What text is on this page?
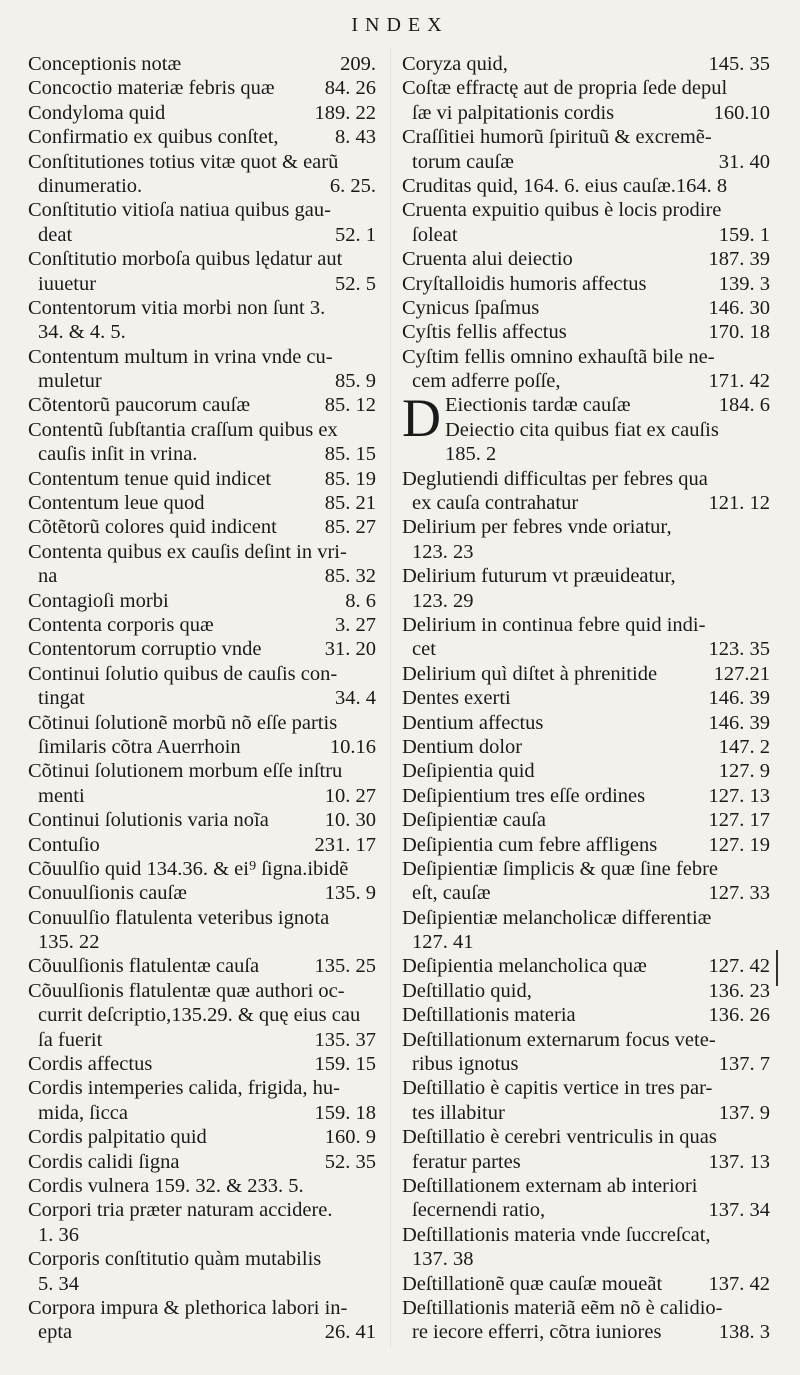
INDEX
Conceptionis notæ	209.
Concoctio materiæ febris quæ 84. 26
Condyloma quid	189. 22
Confirmatio ex quibus conſtet,	8. 43
Conſtitutiones totius vitæ quot & earũ
dinumeratio.	6. 25.
Conſtitutio vitioſa natiua quibus gau-
deat	52. 1
Conſtitutio morboſa quibus lędatur aut
iuuetur	52. 5
Contentorum vitia morbi non ſunt 3.
34. & 4. 5.
Contentum multum in vrina vnde cu-
muletur	85. 9
Cõtentorũ paucorum cauſæ	85. 12
Contentũ ſubſtantia craſſum quibus ex
cauſis inſit in vrina.	85. 15
Contentum tenue quid indicet	85. 19
Contentum leue quod	85. 21
Cõtẽtorũ colores quid indicent 85. 27
Contenta quibus ex cauſis deſint in vri-
na	85. 32
Contagioſi morbi	8. 6
Contenta corporis quæ	3. 27
Contentorum corruptio vnde	31. 20
Continui ſolutio quibus de cauſis con-
tingat	34. 4
Cõtinui ſolutionẽ morbũ nõ eſſe partis
ſimilaris cõtra Auerrhoin	10.16
Cõtinui ſolutionem morbum eſſe inſtru
menti	10. 27
Continui ſolutionis varia noĩa	10. 30
Contuſio	231. 17
Cõuulſio quid 134.36. & ei⁹ ſigna.ibidẽ
Conuulſionis cauſæ	135. 9
Conuulſio flatulenta veteribus ignota
135. 22
Cõuulſionis flatulentæ cauſa	135. 25
Cõuulſionis flatulentæ quæ authori oc-
currit deſcriptio,135.29. & quę eius cau
ſa fuerit	135. 37
Cordis affectus	159. 15
Cordis intemperies calida, frigida, hu-
mida, ſicca	159. 18
Cordis palpitatio quid	160. 9
Cordis calidi ſigna	52. 35
Cordis vulnera 159. 32. & 233. 5.
Corpori tria præter naturam accidere.
1. 36
Corporis conſtitutio quàm mutabilis
5. 34
Corpora impura & plethorica labori in-
epta	26. 41
Coryza quid,	145. 35
Coſtæ effractę aut de propria ſede depul
ſæ vi palpitationis cordis	160.10
Craſſitiei humorũ ſpirituũ & excremẽ-
torum cauſæ	31. 40
Cruditas quid, 164. 6. eius cauſæ.164. 8
Cruenta expuitio quibus è locis prodire
ſoleat	159. 1
Cruenta alui deiectio	187. 39
Cryſtalloidis humoris affectus	139. 3
Cynicus ſpaſmus	146. 30
Cyſtis fellis affectus	170. 18
Cyſtim fellis omnino exhauſtã bile ne-
cem adferre poſſe,	171. 42
D Eiectionis tardæ cauſæ	184. 6
Deiectio cita quibus fiat ex cauſis
185. 2
Deglutiendi difficultas per febres qua
ex cauſa contrahatur	121. 12
Delirium per febres vnde oriatur,
123. 23
Delirium futurum vt præuideatur,
123. 29
Delirium in continua febre quid indi-
cet	123. 35
Delirium quì diſtet à phrenitide	127.21
Dentes exerti	146. 39
Dentium affectus	146. 39
Dentium dolor	147. 2
Deſipientia quid	127. 9
Deſipientium tres eſſe ordines	127. 13
Deſipientiæ cauſa	127. 17
Deſipientia cum febre affligens	127. 19
Deſipientiæ ſimplicis & quæ ſine febre
eſt, cauſæ	127. 33
Deſipientiæ melancholicæ differentiæ
127. 41
Deſipientia melancholica quæ	127. 42
Deſtillatio quid,	136. 23
Deſtillationis materia	136. 26
Deſtillationum externarum focus vete-
ribus ignotus	137. 7
Deſtillatio è capitis vertice in tres par-
tes illabitur	137. 9
Deſtillatio è cerebri ventriculis in quas
feratur partes	137. 13
Deſtillationem externam ab interiori
ſecernendi ratio,	137. 34
Deſtillationis materia vnde ſuccreſcat,
137. 38
Deſtillationẽ quæ cauſæ moueãt 137. 42
Deſtillationis materiã eẽm nõ è calidio-
re iecore efferri, cõtra iuniores	138. 3
